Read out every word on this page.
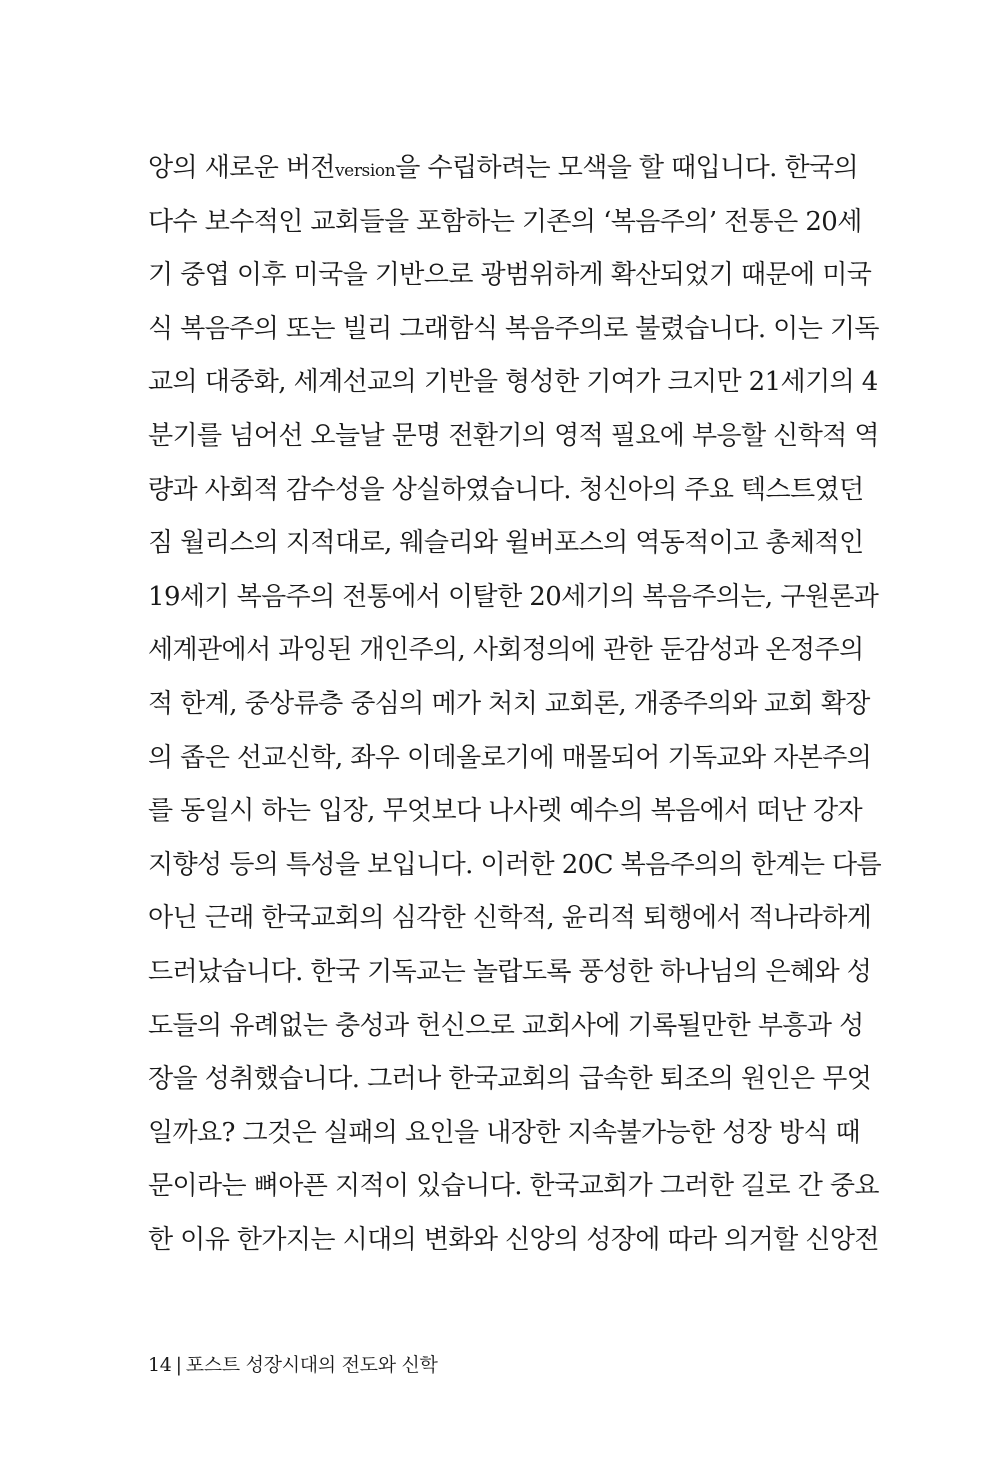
앙의 새로운 버전version을 수립하려는 모색을 할 때입니다. 한국의
다수 보수적인 교회들을 포함하는 기존의 ‘복음주의’ 전통은 20세
기 중엽 이후 미국을 기반으로 광범위하게 확산되었기 때문에 미국
식 복음주의 또는 빌리 그래함식 복음주의로 불렸습니다. 이는 기독
교의 대중화, 세계선교의 기반을 형성한 기여가 크지만 21세기의 4
분기를 넘어선 오늘날 문명 전환기의 영적 필요에 부응할 신학적 역
량과 사회적 감수성을 상실하였습니다. 청신아의 주요 텍스트였던
짐 월리스의 지적대로, 웨슬리와 윌버포스의 역동적이고 총체적인
19세기 복음주의 전통에서 이탈한 20세기의 복음주의는, 구원론과
세계관에서 과잉된 개인주의, 사회정의에 관한 둔감성과 온정주의
적 한계, 중상류층 중심의 메가 처치 교회론, 개종주의와 교회 확장
의 좁은 선교신학, 좌우 이데올로기에 매몰되어 기독교와 자본주의
를 동일시 하는 입장, 무엇보다 나사렛 예수의 복음에서 떠난 강자
지향성 등의 특성을 보입니다. 이러한 20C 복음주의의 한계는 다름
아닌 근래 한국교회의 심각한 신학적, 윤리적 퇴행에서 적나라하게
드러났습니다. 한국 기독교는 놀랍도록 풍성한 하나님의 은혜와 성
도들의 유례없는 충성과 헌신으로 교회사에 기록될만한 부흥과 성
장을 성취했습니다. 그러나 한국교회의 급속한 퇴조의 원인은 무엇
일까요? 그것은 실패의 요인을 내장한 지속불가능한 성장 방식 때
문이라는 뼈아픈 지적이 있습니다. 한국교회가 그러한 길로 간 중요
한 이유 한가지는 시대의 변화와 신앙의 성장에 따라 의거할 신앙전
14 | 포스트 성장시대의 전도와 신학
